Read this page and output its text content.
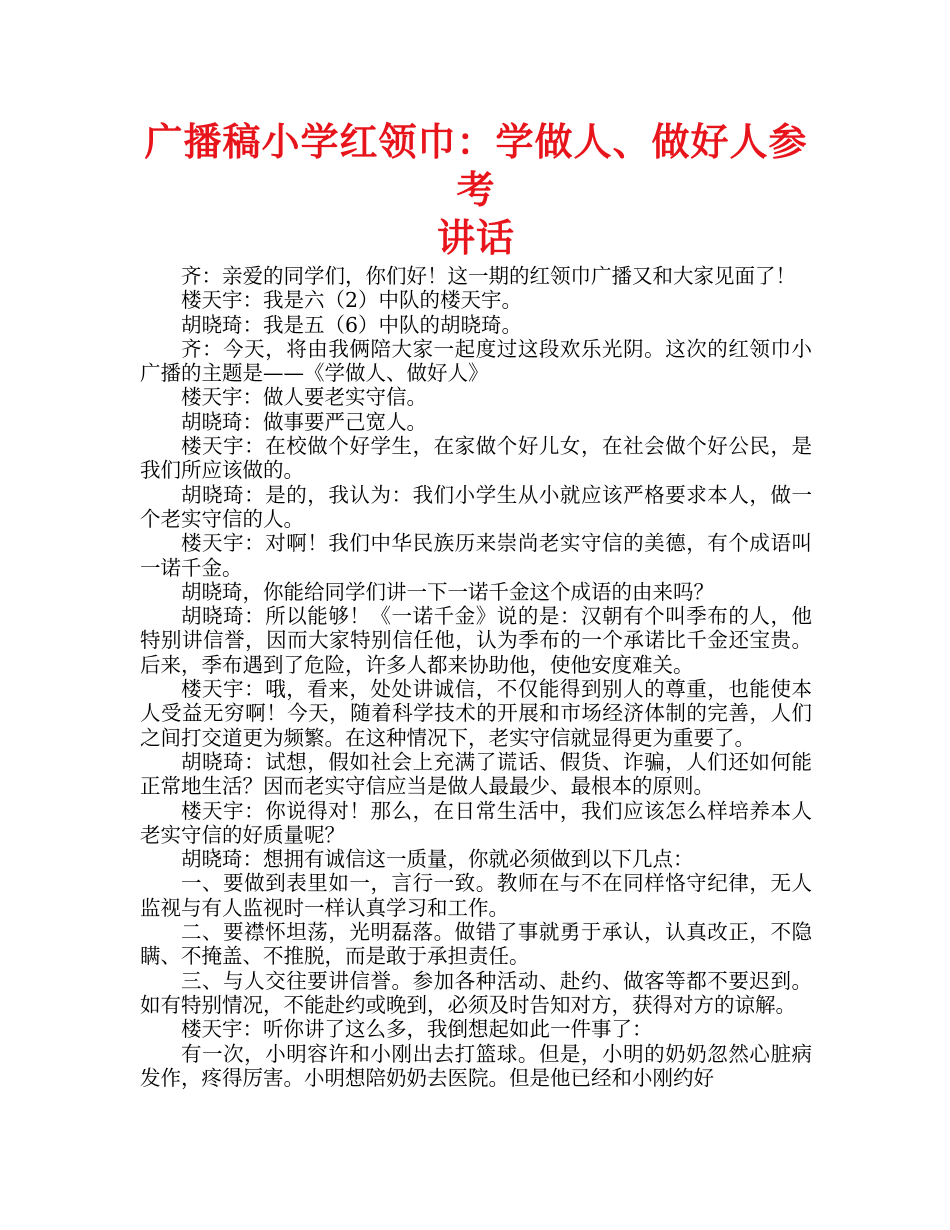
广播稿小学红领巾：学做人、做好人参考
讲话

齐：亲爱的同学们，你们好！这一期的红领巾广播又和大家见面了！

楼天宇：我是六（2）中队的楼天宇。

胡晓琦：我是五（6）中队的胡晓琦。

齐：今天，将由我俩陪大家一起度过这段欢乐光阴。这次的红领巾小广播的主题是——《学做人、做好人》

楼天宇：做人要老实守信。

胡晓琦：做事要严己宽人。

楼天宇：在校做个好学生，在家做个好儿女，在社会做个好公民，是我们所应该做的。

胡晓琦：是的，我认为：我们小学生从小就应该严格要求本人，做一个老实守信的人。

楼天宇：对啊！我们中华民族历来崇尚老实守信的美德，有个成语叫一诺千金。

胡晓琦，你能给同学们讲一下一诺千金这个成语的由来吗？

胡晓琦：所以能够！《一诺千金》说的是：汉朝有个叫季布的人，他特别讲信誉，因而大家特别信任他，认为季布的一个承诺比千金还宝贵。后来，季布遇到了危险，许多人都来协助他，使他安度难关。

楼天宇：哦，看来，处处讲诚信，不仅能得到别人的尊重，也能使本人受益无穷啊！今天，随着科学技术的开展和市场经济体制的完善，人们之间打交道更为频繁。在这种情况下，老实守信就显得更为重要了。

胡晓琦：试想，假如社会上充满了谎话、假货、诈骗，人们还如何能正常地生活？因而老实守信应当是做人最最少、最根本的原则。

楼天宇：你说得对！那么，在日常生活中，我们应该怎么样培养本人老实守信的好质量呢？

胡晓琦：想拥有诚信这一质量，你就必须做到以下几点：

一、要做到表里如一，言行一致。教师在与不在同样恪守纪律，无人监视与有人监视时一样认真学习和工作。

二、要襟怀坦荡，光明磊落。做错了事就勇于承认，认真改正，不隐瞒、不掩盖、不推脱，而是敢于承担责任。

三、与人交往要讲信誉。参加各种活动、赴约、做客等都不要迟到。如有特别情况，不能赴约或晚到，必须及时告知对方，获得对方的谅解。

楼天宇：听你讲了这么多，我倒想起如此一件事了：

有一次，小明容许和小刚出去打篮球。但是，小明的奶奶忽然心脏病发作，疼得厉害。小明想陪奶奶去医院。但是他已经和小刚约好
